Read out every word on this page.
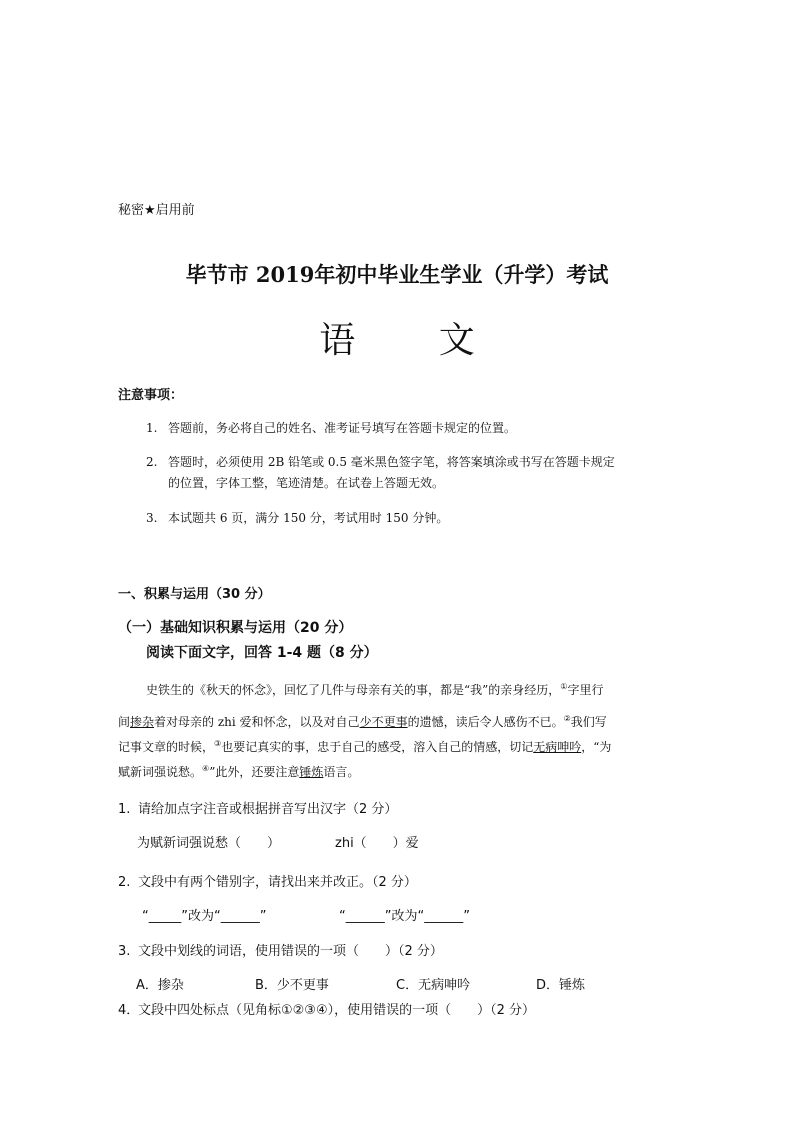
秘密★启用前
毕节市 2019年初中毕业生学业（升学）考试
语 文
注意事项：
1. 答题前，务必将自己的姓名、准考证号填写在答题卡规定的位置。
2. 答题时，必须使用 2B 铅笔或 0.5 毫米黑色签字笔，将答案填涂或书写在答题卡规定
的位置，字体工整，笔迹清楚。在试卷上答题无效。
3. 本试题共 6 页，满分 150 分，考试用时 150 分钟。
一、积累与运用（30 分）
（一）基础知识积累与运用（20 分）
阅读下面文字，回答 1-4 题（8 分）
史铁生的《秋天的怀念》，回忆了几件与母亲有关的事，都是“我”的亲身经历，①字里行
间掺杂着对母亲的 zhi 爱和怀念，以及对自己少不更事的遗憾，读后令人感伤不已。②我们写
记事文章的时候，③也要记真实的事，忠于自己的感受，溶入自己的情感，切记无病呻吟，“为
赋新词强说愁。④”此外，还要注意锤炼语言。
1. 请给加点字注音或根据拼音写出汉字（2 分）
为赋新词强说愁（　　）	zhi（　　）爱
2. 文段中有两个错别字，请找出来并改正。（2 分）
“_____”改为“______”	“______”改为“______”
3. 文段中划线的词语，使用错误的一项（　　）（2 分）
A．掺杂	B．少不更事	C．无病呻吟	D．锤炼
4．文段中四处标点（见角标①②③④），使用错误的一项（　　）（2 分）
